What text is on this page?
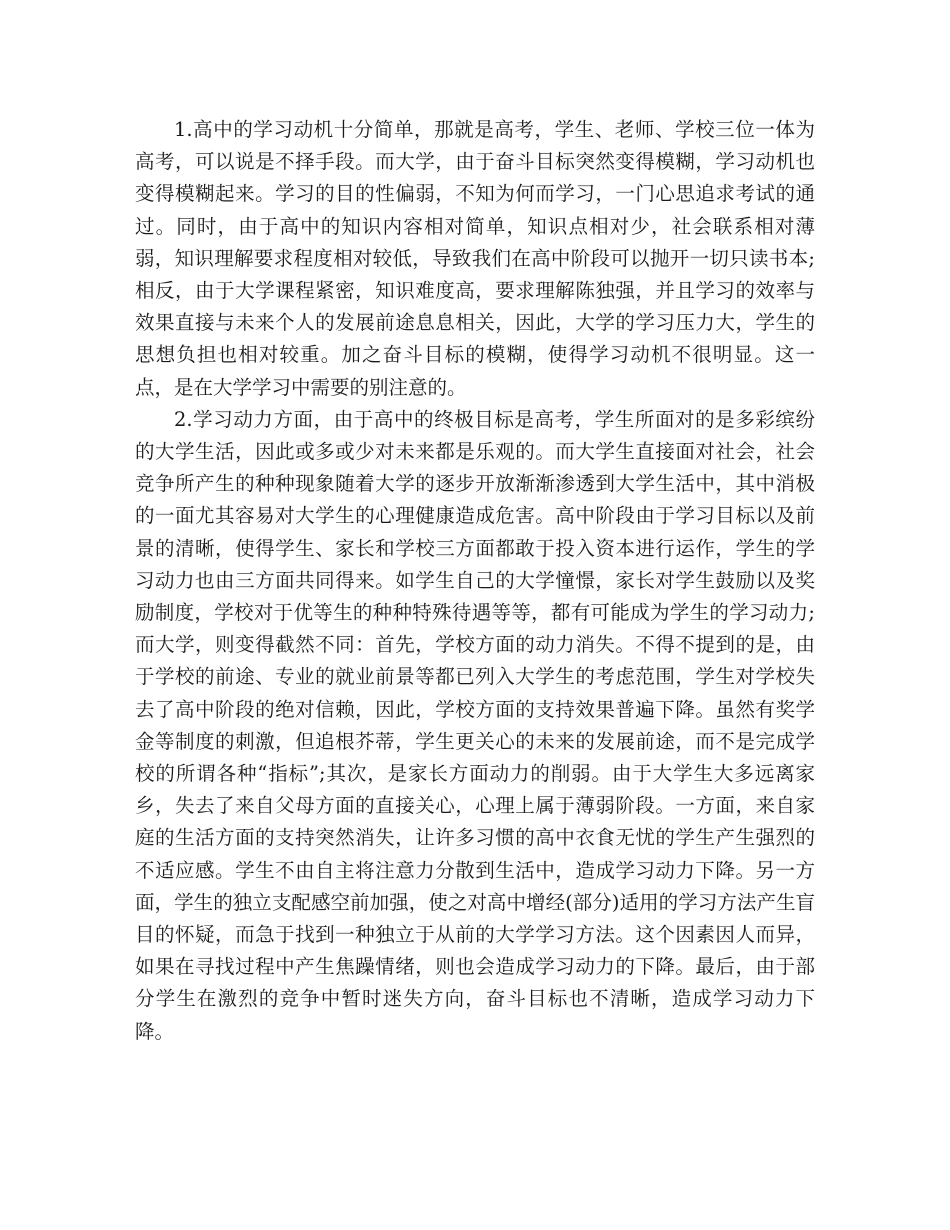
1.高中的学习动机十分简单，那就是高考，学生、老师、学校三位一体为高考，可以说是不择手段。而大学，由于奋斗目标突然变得模糊，学习动机也变得模糊起来。学习的目的性偏弱，不知为何而学习，一门心思追求考试的通过。同时，由于高中的知识内容相对简单，知识点相对少，社会联系相对薄弱，知识理解要求程度相对较低，导致我们在高中阶段可以抛开一切只读书本;相反，由于大学课程紧密，知识难度高，要求理解陈独强，并且学习的效率与效果直接与未来个人的发展前途息息相关，因此，大学的学习压力大，学生的思想负担也相对较重。加之奋斗目标的模糊，使得学习动机不很明显。这一点，是在大学学习中需要的别注意的。

2.学习动力方面，由于高中的终极目标是高考，学生所面对的是多彩缤纷的大学生活，因此或多或少对未来都是乐观的。而大学生直接面对社会，社会竞争所产生的种种现象随着大学的逐步开放渐渐渗透到大学生活中，其中消极的一面尤其容易对大学生的心理健康造成危害。高中阶段由于学习目标以及前景的清晰，使得学生、家长和学校三方面都敢于投入资本进行运作，学生的学习动力也由三方面共同得来。如学生自己的大学憧憬，家长对学生鼓励以及奖励制度，学校对于优等生的种种特殊待遇等等，都有可能成为学生的学习动力;而大学，则变得截然不同：首先，学校方面的动力消失。不得不提到的是，由于学校的前途、专业的就业前景等都已列入大学生的考虑范围，学生对学校失去了高中阶段的绝对信赖，因此，学校方面的支持效果普遍下降。虽然有奖学金等制度的刺激，但追根芥蒂，学生更关心的未来的发展前途，而不是完成学校的所谓各种“指标”;其次，是家长方面动力的削弱。由于大学生大多远离家乡，失去了来自父母方面的直接关心，心理上属于薄弱阶段。一方面，来自家庭的生活方面的支持突然消失，让许多习惯的高中衣食无忧的学生产生强烈的不适应感。学生不由自主将注意力分散到生活中，造成学习动力下降。另一方面，学生的独立支配感空前加强，使之对高中增经(部分)适用的学习方法产生盲目的怀疑，而急于找到一种独立于从前的大学学习方法。这个因素因人而异，如果在寻找过程中产生焦躁情绪，则也会造成学习动力的下降。最后，由于部分学生在激烈的竞争中暂时迷失方向，奋斗目标也不清晰，造成学习动力下降。
